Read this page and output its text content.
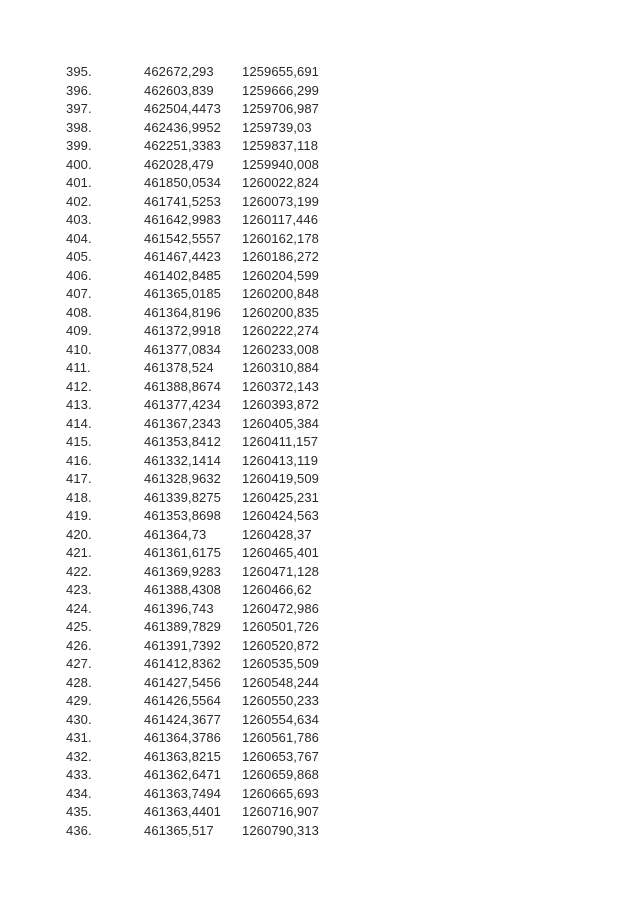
395.	462672,293	1259655,691
396.	462603,839	1259666,299
397.	462504,4473	1259706,987
398.	462436,9952	1259739,03
399.	462251,3383	1259837,118
400.	462028,479	1259940,008
401.	461850,0534	1260022,824
402.	461741,5253	1260073,199
403.	461642,9983	1260117,446
404.	461542,5557	1260162,178
405.	461467,4423	1260186,272
406.	461402,8485	1260204,599
407.	461365,0185	1260200,848
408.	461364,8196	1260200,835
409.	461372,9918	1260222,274
410.	461377,0834	1260233,008
411.	461378,524	1260310,884
412.	461388,8674	1260372,143
413.	461377,4234	1260393,872
414.	461367,2343	1260405,384
415.	461353,8412	1260411,157
416.	461332,1414	1260413,119
417.	461328,9632	1260419,509
418.	461339,8275	1260425,231
419.	461353,8698	1260424,563
420.	461364,73	1260428,37
421.	461361,6175	1260465,401
422.	461369,9283	1260471,128
423.	461388,4308	1260466,62
424.	461396,743	1260472,986
425.	461389,7829	1260501,726
426.	461391,7392	1260520,872
427.	461412,8362	1260535,509
428.	461427,5456	1260548,244
429.	461426,5564	1260550,233
430.	461424,3677	1260554,634
431.	461364,3786	1260561,786
432.	461363,8215	1260653,767
433.	461362,6471	1260659,868
434.	461363,7494	1260665,693
435.	461363,4401	1260716,907
436.	461365,517	1260790,313
